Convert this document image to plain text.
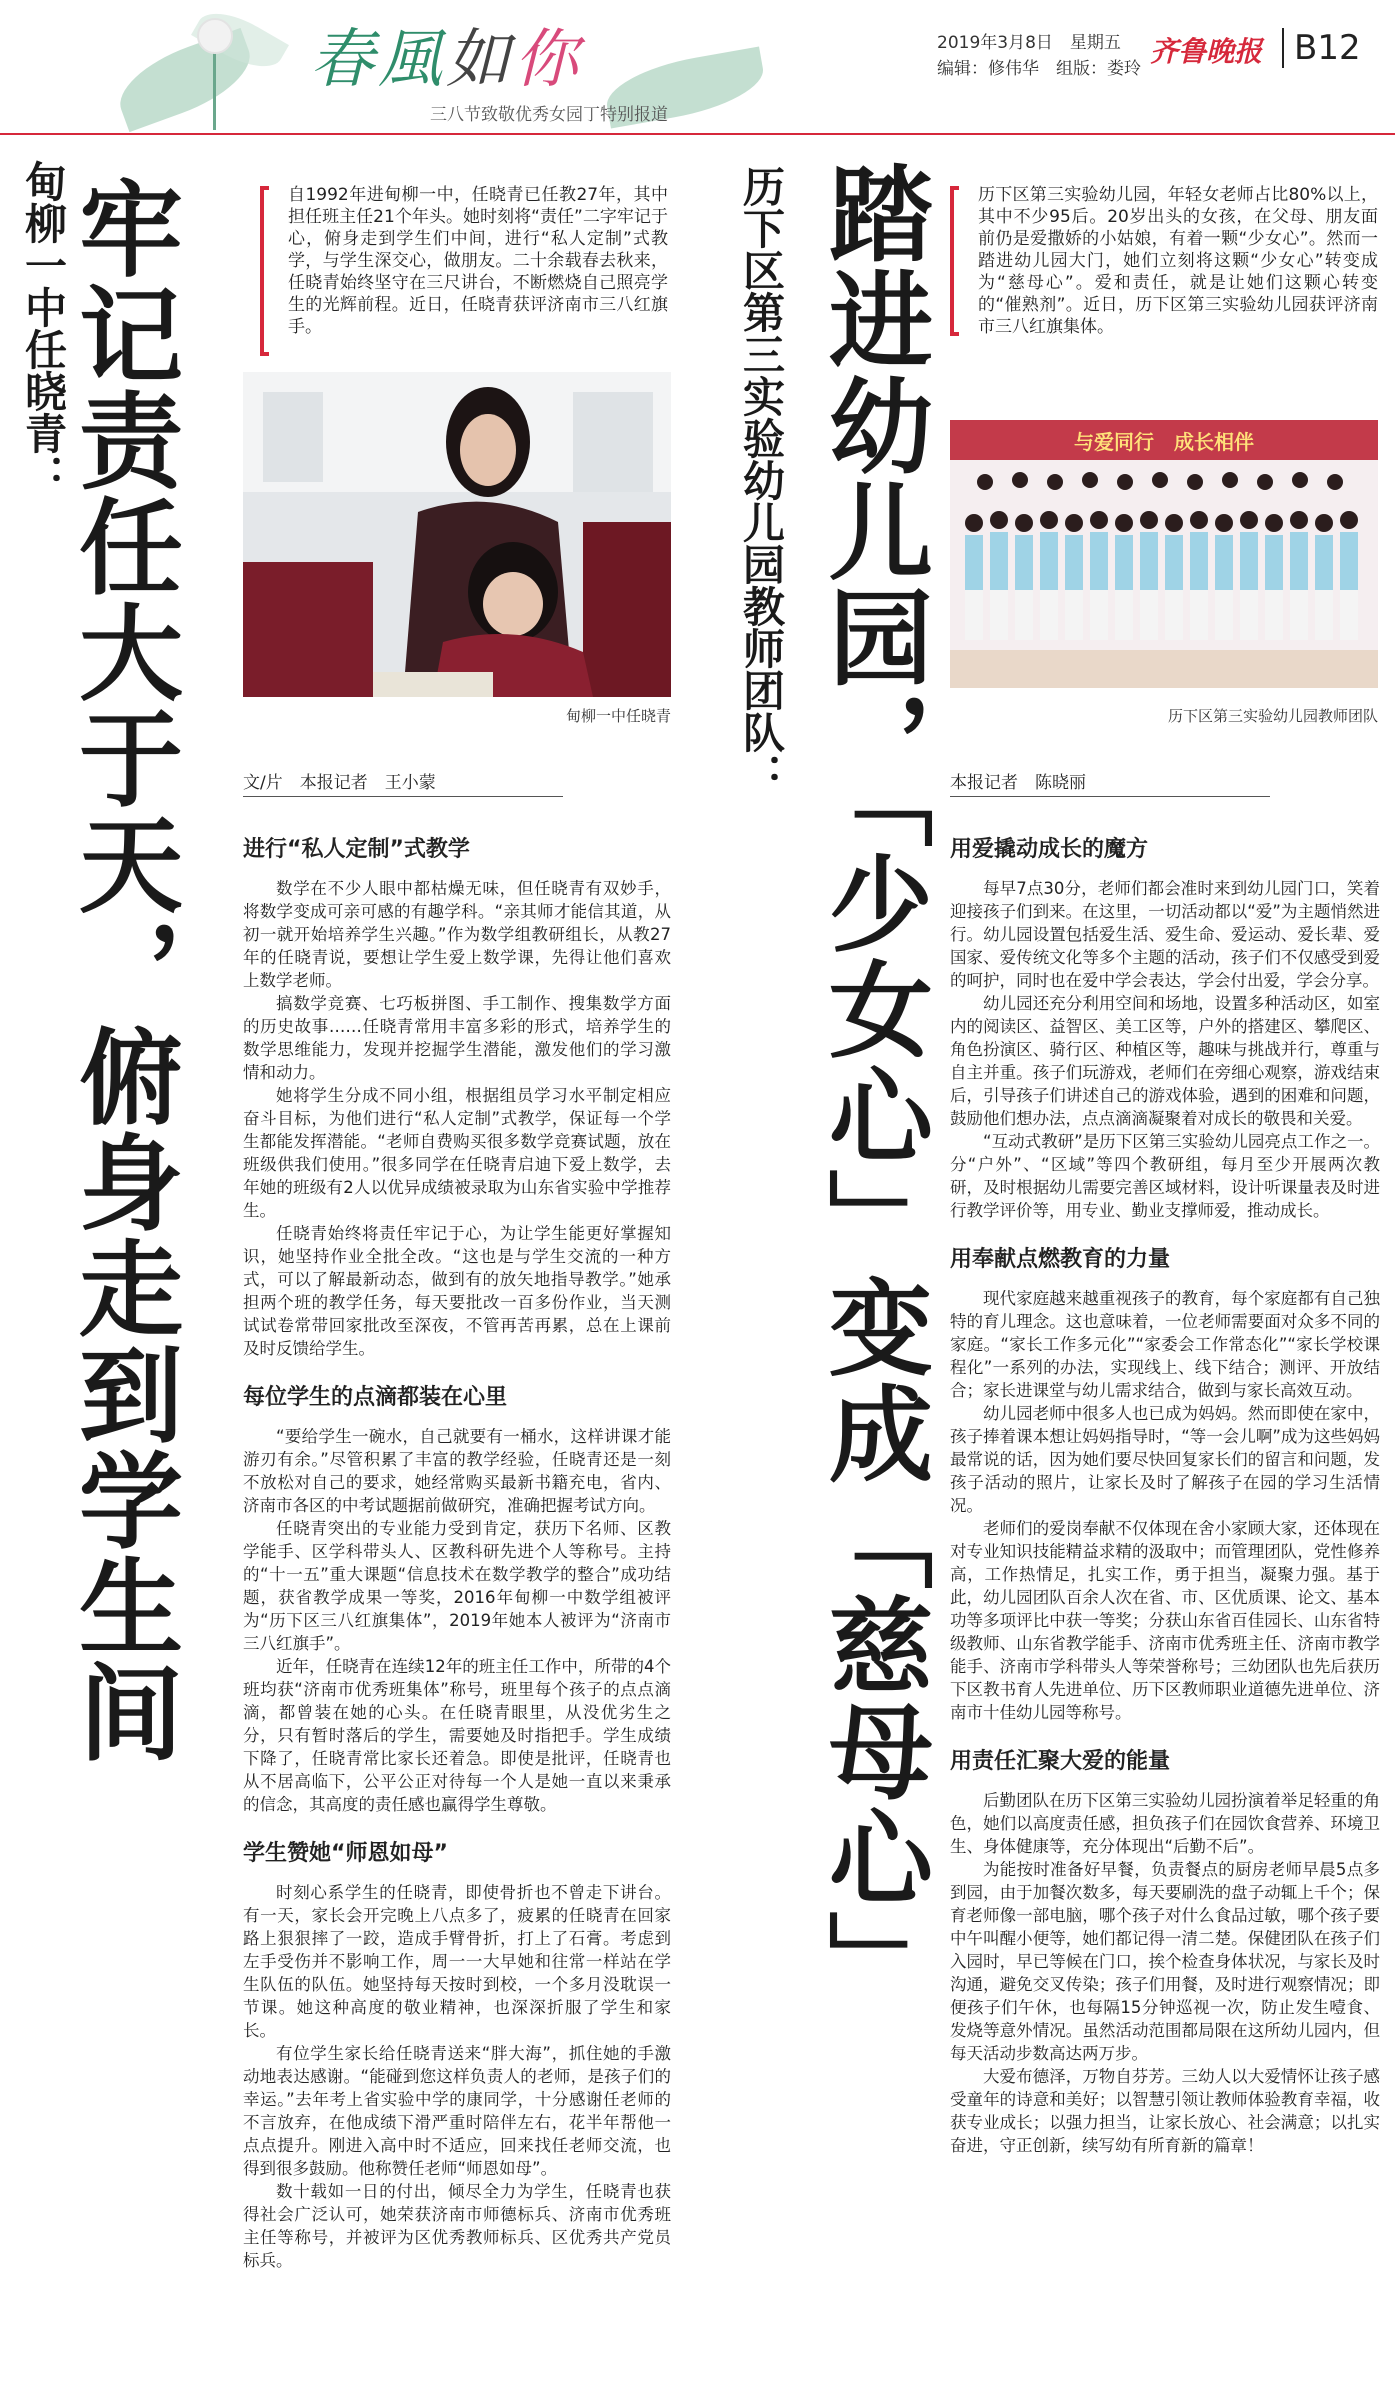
春風如你
三八节致敬优秀女园丁特别报道
2019年3月8日　星期五
编辑：修伟华　组版：娄玲
齐鲁晚报 B12
甸柳一中任晓青：
牢记责任大于天，俯身走到学生间	自1992年进甸柳一中，任晓青已任教27年，其中担任班主任21个年头。她时刻将“责任”二字牢记于心，俯身走到学生们中间，进行“私人定制”式教学，与学生深交心，做朋友。二十余载春去秋来，任晓青始终坚守在三尺讲台，不断燃烧自己照亮学生的光辉前程。近日，任晓青获评济南市三八红旗手。
甸柳一中任晓青
文/片　本报记者　王小蒙
进行“私人定制”式教学

数学在不少人眼中都枯燥无味，但任晓青有双妙手，将数学变成可亲可感的有趣学科。“亲其师才能信其道，从初一就开始培养学生兴趣。”作为数学组教研组长，从教27年的任晓青说，要想让学生爱上数学课，先得让他们喜欢上数学老师。

搞数学竞赛、七巧板拼图、手工制作、搜集数学方面的历史故事……任晓青常用丰富多彩的形式，培养学生的数学思维能力，发现并挖掘学生潜能，激发他们的学习激情和动力。

她将学生分成不同小组，根据组员学习水平制定相应奋斗目标，为他们进行“私人定制”式教学，保证每一个学生都能发挥潜能。“老师自费购买很多数学竞赛试题，放在班级供我们使用。”很多同学在任晓青启迪下爱上数学，去年她的班级有2人以优异成绩被录取为山东省实验中学推荐生。

任晓青始终将责任牢记于心，为让学生能更好掌握知识，她坚持作业全批全改。“这也是与学生交流的一种方式，可以了解最新动态，做到有的放矢地指导教学。”她承担两个班的教学任务，每天要批改一百多份作业，当天测试试卷常带回家批改至深夜，不管再苦再累，总在上课前及时反馈给学生。

每位学生的点滴都装在心里

“要给学生一碗水，自己就要有一桶水，这样讲课才能游刃有余。”尽管积累了丰富的教学经验，任晓青还是一刻不放松对自己的要求，她经常购买最新书籍充电，省内、济南市各区的中考试题据前做研究，准确把握考试方向。

任晓青突出的专业能力受到肯定，获历下名师、区教学能手、区学科带头人、区教科研先进个人等称号。主持的“十一五”重大课题“信息技术在数学教学的整合”成功结题，获省教学成果一等奖，2016年甸柳一中数学组被评为“历下区三八红旗集体”，2019年她本人被评为“济南市三八红旗手”。

近年，任晓青在连续12年的班主任工作中，所带的4个班均获“济南市优秀班集体”称号，班里每个孩子的点点滴滴，都曾装在她的心头。在任晓青眼里，从没优劣生之分，只有暂时落后的学生，需要她及时指把手。学生成绩下降了，任晓青常比家长还着急。即使是批评，任晓青也从不居高临下，公平公正对待每一个人是她一直以来秉承的信念，其高度的责任感也赢得学生尊敬。

学生赞她“师恩如母”

时刻心系学生的任晓青，即使骨折也不曾走下讲台。有一天，家长会开完晚上八点多了，疲累的任晓青在回家路上狠狠摔了一跤，造成手臂骨折，打上了石膏。考虑到左手受伤并不影响工作，周一一大早她和往常一样站在学生队伍的队伍。她坚持每天按时到校，一个多月没耽误一节课。她这种高度的敬业精神，也深深折服了学生和家长。

有位学生家长给任晓青送来“胖大海”，抓住她的手激动地表达感谢。“能碰到您这样负责人的老师，是孩子们的幸运。”去年考上省实验中学的康同学，十分感谢任老师的不言放弃，在他成绩下滑严重时陪伴左右，花半年帮他一点点提升。刚进入高中时不适应，回来找任老师交流，也得到很多鼓励。他称赞任老师“师恩如母”。

数十载如一日的付出，倾尽全力为学生，任晓青也获得社会广泛认可，她荣获济南市师德标兵、济南市优秀班主任等称号，并被评为区优秀教师标兵、区优秀共产党员标兵。

历下区第三实验幼儿园教师团队： 踏进幼儿园，「少女心」变成「慈母心」	历下区第三实验幼儿园，年轻女老师占比80%以上，其中不少95后。20岁出头的女孩，在父母、朋友面前仍是爱撒娇的小姑娘，有着一颗“少女心”。然而一踏进幼儿园大门，她们立刻将这颗“少女心”转变成为“慈母心”。爱和责任，就是让她们这颗心转变的“催熟剂”。近日，历下区第三实验幼儿园获评济南市三八红旗集体。
与爱同行　成长相伴
历下区第三实验幼儿园教师团队
本报记者　陈晓丽
用爱撬动成长的魔方

每早7点30分，老师们都会准时来到幼儿园门口，笑着迎接孩子们到来。在这里，一切活动都以“爱”为主题悄然进行。幼儿园设置包括爱生活、爱生命、爱运动、爱长辈、爱国家、爱传统文化等多个主题的活动，孩子们不仅感受到爱的呵护，同时也在爱中学会表达，学会付出爱，学会分享。

幼儿园还充分利用空间和场地，设置多种活动区，如室内的阅读区、益智区、美工区等，户外的搭建区、攀爬区、角色扮演区、骑行区、种植区等，趣味与挑战并行，尊重与自主并重。孩子们玩游戏，老师们在旁细心观察，游戏结束后，引导孩子们讲述自己的游戏体验，遇到的困难和问题，鼓励他们想办法，点点滴滴凝聚着对成长的敬畏和关爱。

“互动式教研”是历下区第三实验幼儿园亮点工作之一。分“户外”、“区域”等四个教研组，每月至少开展两次教研，及时根据幼儿需要完善区域材料，设计听课量表及时进行教学评价等，用专业、勤业支撑师爱，推动成长。

用奉献点燃教育的力量

现代家庭越来越重视孩子的教育，每个家庭都有自己独特的育儿理念。这也意味着，一位老师需要面对众多不同的家庭。“家长工作多元化”“家委会工作常态化”“家长学校课程化”一系列的办法，实现线上、线下结合；测评、开放结合；家长进课堂与幼儿需求结合，做到与家长高效互动。

幼儿园老师中很多人也已成为妈妈。然而即使在家中，孩子捧着课本想让妈妈指导时，“等一会儿啊”成为这些妈妈最常说的话，因为她们要尽快回复家长们的留言和问题，发孩子活动的照片，让家长及时了解孩子在园的学习生活情况。

老师们的爱岗奉献不仅体现在舍小家顾大家，还体现在对专业知识技能精益求精的汲取中；而管理团队，党性修养高，工作热情足，扎实工作，勇于担当，凝聚力强。基于此，幼儿园团队百余人次在省、市、区优质课、论文、基本功等多项评比中获一等奖；分获山东省百佳园长、山东省特级教师、山东省教学能手、济南市优秀班主任、济南市教学能手、济南市学科带头人等荣誉称号；三幼团队也先后获历下区教书育人先进单位、历下区教师职业道德先进单位、济南市十佳幼儿园等称号。

用责任汇聚大爱的能量

后勤团队在历下区第三实验幼儿园扮演着举足轻重的角色，她们以高度责任感，担负孩子们在园饮食营养、环境卫生、身体健康等，充分体现出“后勤不后”。

为能按时准备好早餐，负责餐点的厨房老师早晨5点多到园，由于加餐次数多，每天要刷洗的盘子动辄上千个；保育老师像一部电脑，哪个孩子对什么食品过敏，哪个孩子要中午叫醒小便等，她们都记得一清二楚。保健团队在孩子们入园时，早已等候在门口，挨个检查身体状况，与家长及时沟通，避免交叉传染；孩子们用餐，及时进行观察情况；即便孩子们午休，也每隔15分钟巡视一次，防止发生噎食、发烧等意外情况。虽然活动范围都局限在这所幼儿园内，但每天活动步数高达两万步。

大爱布德泽，万物自芬芳。三幼人以大爱情怀让孩子感受童年的诗意和美好；以智慧引领让教师体验教育幸福，收获专业成长；以强力担当，让家长放心、社会满意；以扎实奋进，守正创新，续写幼有所育新的篇章！
